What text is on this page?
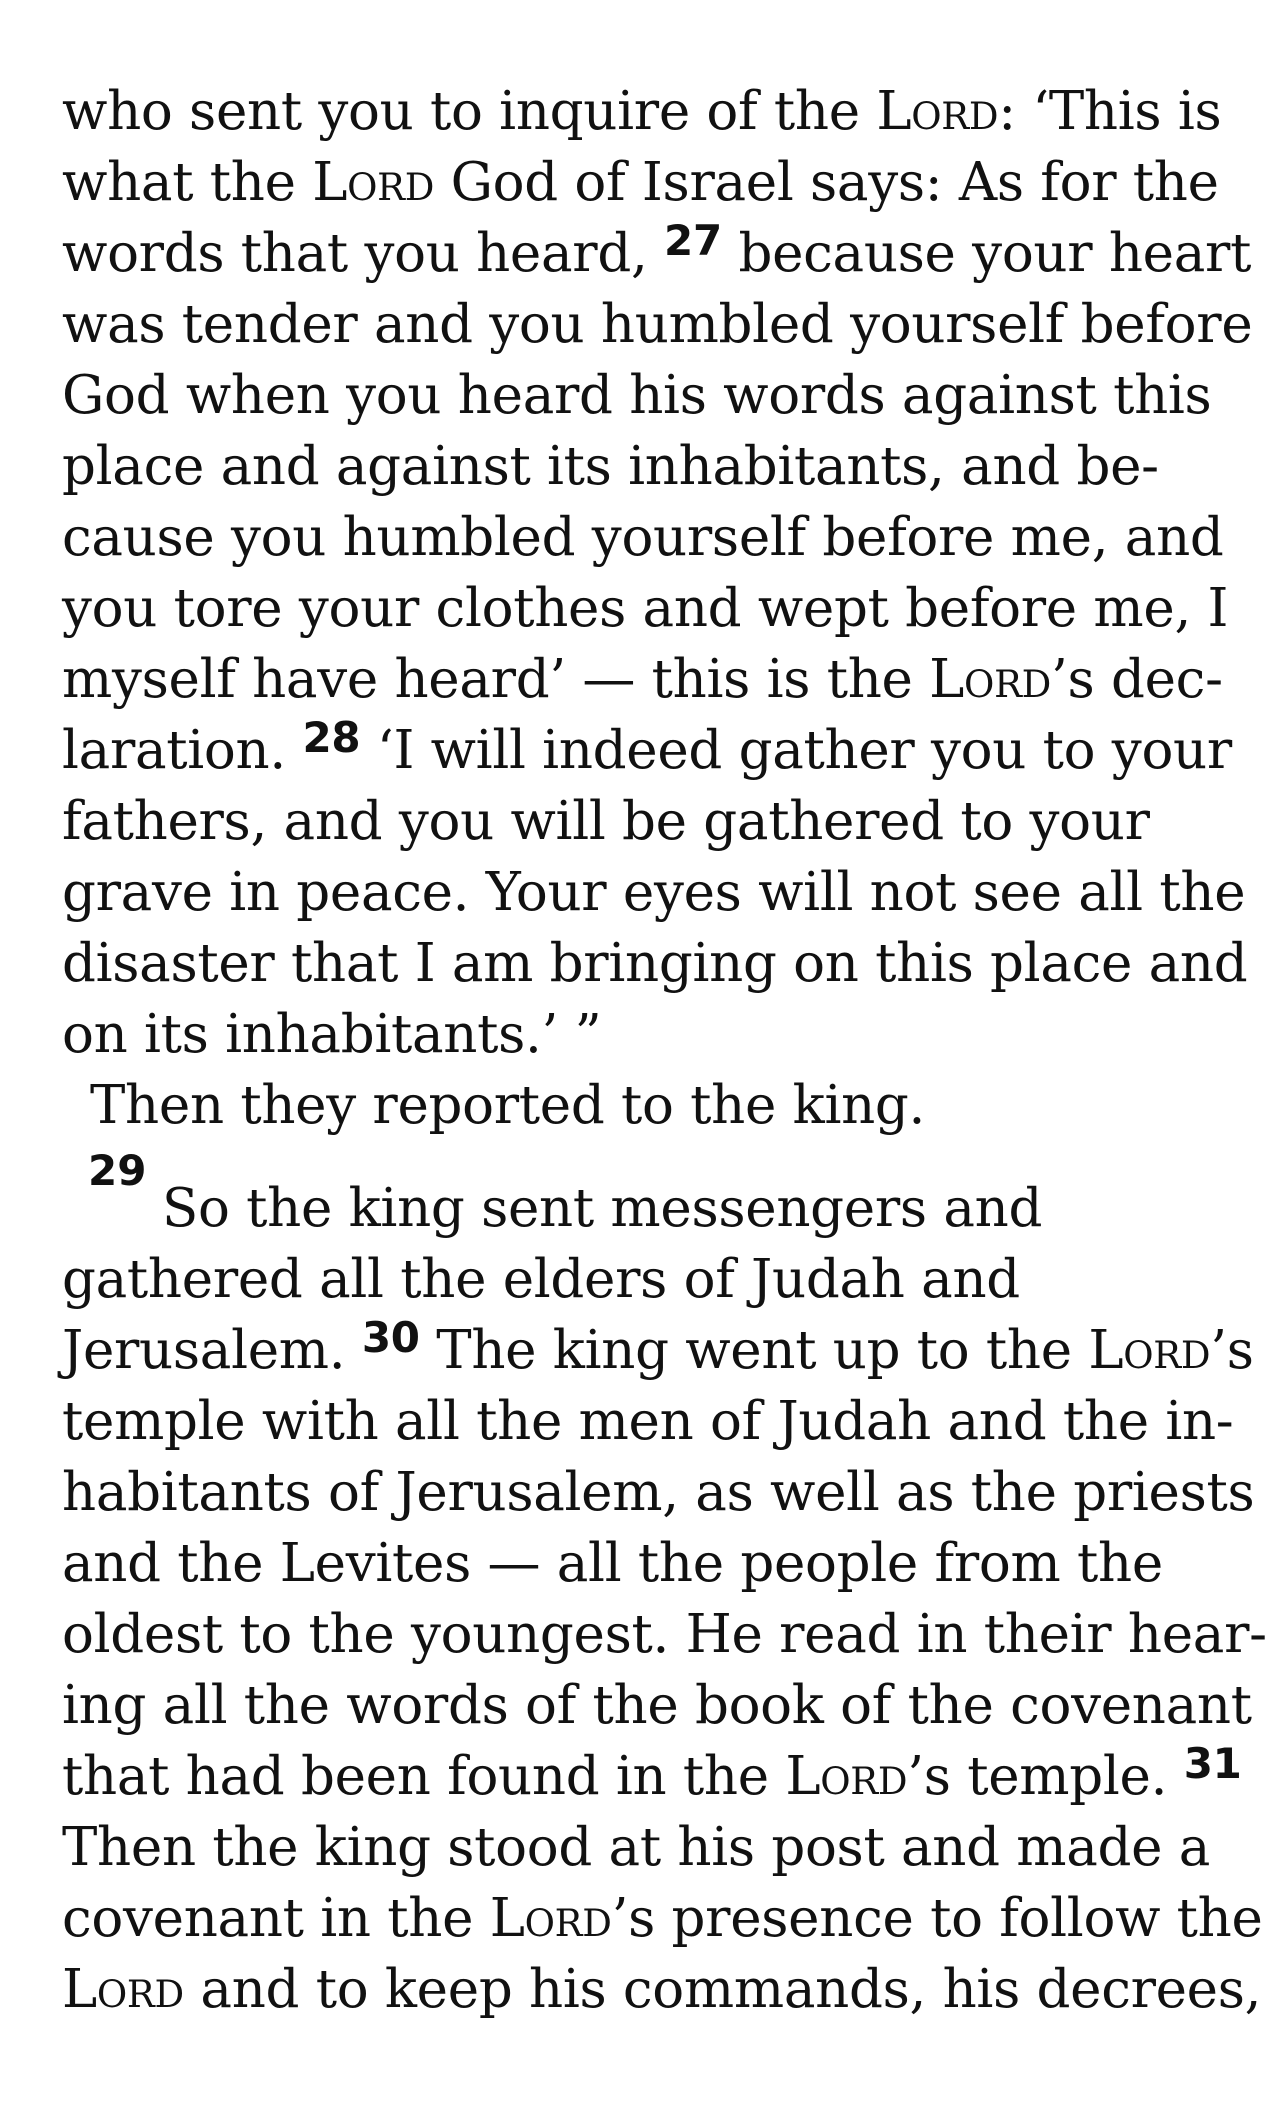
who sent you to inquire of the Lord: ‘This is
what the Lord God of Israel says: As for the
words that you heard, $^{27}$ because your heart
was tender and you humbled yourself before
God when you heard his words against this
place and against its inhabitants, and be-
cause you humbled yourself before me, and
you tore your clothes and wept before me, I
myself have heard’ — this is the Lord’s dec-
laration. $^{28}$ ‘I will indeed gather you to your
fathers, and you will be gathered to your
grave in peace. Your eyes will not see all the
disaster that I am bringing on this place and
on its inhabitants.’ ”
Then they reported to the king.
29
So the king sent messengers and
gathered all the elders of Judah and
Jerusalem. $^{30}$ The king went up to the Lord’s
temple with all the men of Judah and the in-
habitants of Jerusalem, as well as the priests
and the Levites — all the people from the
oldest to the youngest. He read in their hear-
ing all the words of the book of the covenant
that had been found in the Lord’s temple. $^{31}$
Then the king stood at his post and made a
covenant in the Lord’s presence to follow the
Lord and to keep his commands, his decrees,
